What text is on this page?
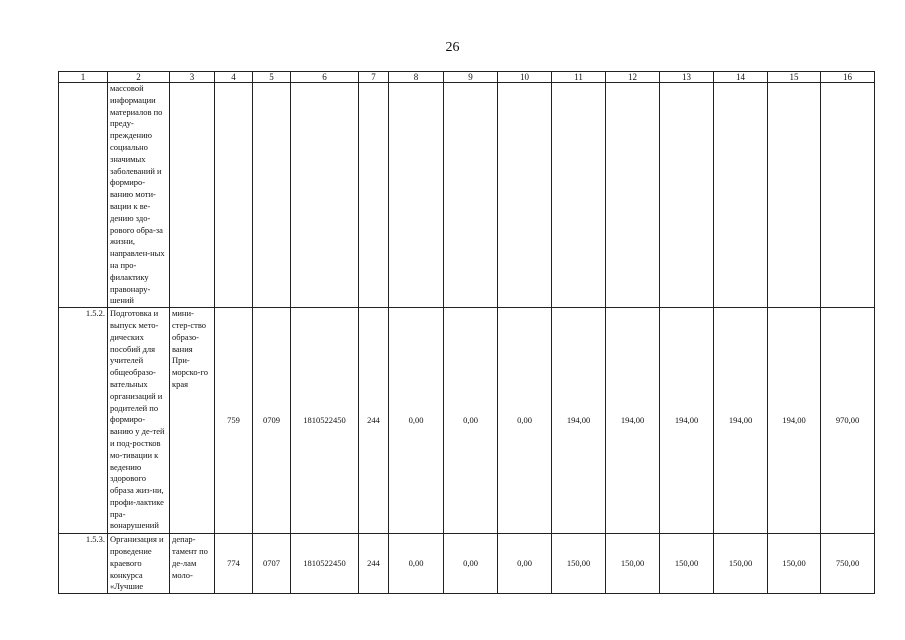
26
1	2	3	4	5	6	7	8	9	10	11	12	13	14	15	16
	массовой информации материалов по преду-преждению социально значимых заболеваний и формиро-ванию моти-вации к ве-дению здо-рового обра-за жизни, направлен-ных на про-филактику правонару-шений														
1.5.2.	Подготовка и выпуск мето-дических пособий для учителей общеобразо-вательных организаций и родителей по формиро-ванию у де-тей и под-ростков мо-тивации к ведению здорового образа жиз-ни, профи-лактике пра-вонарушений	мини-стер-ство образо-вания При-морско-го края	759	0709	1810522450	244	0,00	0,00	0,00	194,00	194,00	194,00	194,00	194,00	970,00
1.5.3.	Организация и проведение краевого конкурса «Лучшие	депар-тамент по де-лам моло-	774	0707	1810522450	244	0,00	0,00	0,00	150,00	150,00	150,00	150,00	150,00	750,00
